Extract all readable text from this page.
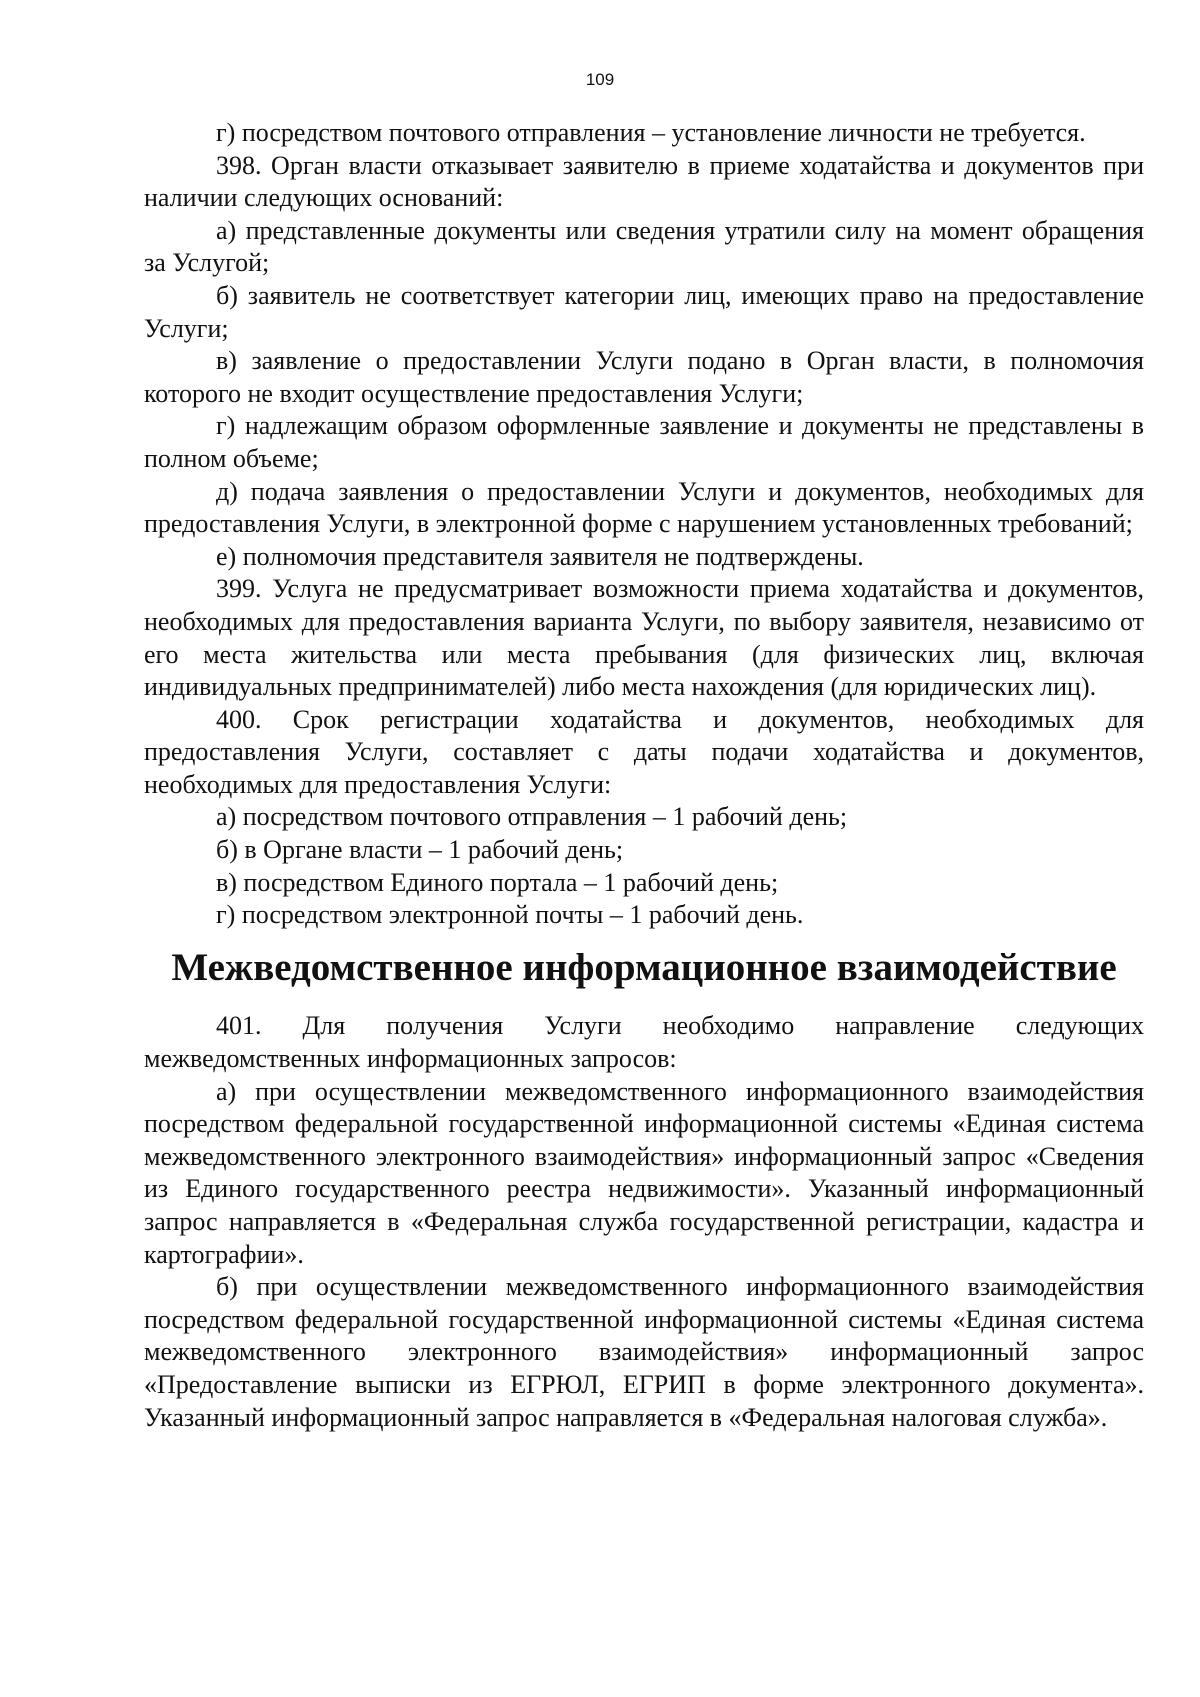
109

г) посредством почтового отправления – установление личности не требуется.

398. Орган власти отказывает заявителю в приеме ходатайства и документов при наличии следующих оснований:

а) представленные документы или сведения утратили силу на момент обращения за Услугой;

б) заявитель не соответствует категории лиц, имеющих право на предоставление Услуги;

в) заявление о предоставлении Услуги подано в Орган власти, в полномочия которого не входит осуществление предоставления Услуги;

г) надлежащим образом оформленные заявление и документы не представлены в полном объеме;

д) подача заявления о предоставлении Услуги и документов, необходимых для предоставления Услуги, в электронной форме с нарушением установленных требований;

е) полномочия представителя заявителя не подтверждены.

399. Услуга не предусматривает возможности приема ходатайства и документов, необходимых для предоставления варианта Услуги, по выбору заявителя, независимо от его места жительства или места пребывания (для физических лиц, включая индивидуальных предпринимателей) либо места нахождения (для юридических лиц).

400. Срок регистрации ходатайства и документов, необходимых для предоставления Услуги, составляет с даты подачи ходатайства и документов, необходимых для предоставления Услуги:

а) посредством почтового отправления – 1 рабочий день;

б) в Органе власти – 1 рабочий день;

в) посредством Единого портала – 1 рабочий день;

г) посредством электронной почты – 1 рабочий день.

Межведомственное информационное взаимодействие

401. Для получения Услуги необходимо направление следующих межведомственных информационных запросов:

а) при осуществлении межведомственного информационного взаимодействия посредством федеральной государственной информационной системы «Единая система межведомственного электронного взаимодействия» информационный запрос «Сведения из Единого государственного реестра недвижимости». Указанный информационный запрос направляется в «Федеральная служба государственной регистрации, кадастра и картографии».

б) при осуществлении межведомственного информационного взаимодействия посредством федеральной государственной информационной системы «Единая система межведомственного электронного взаимодействия» информационный запрос «Предоставление выписки из ЕГРЮЛ, ЕГРИП в форме электронного документа». Указанный информационный запрос направляется в «Федеральная налоговая служба».
